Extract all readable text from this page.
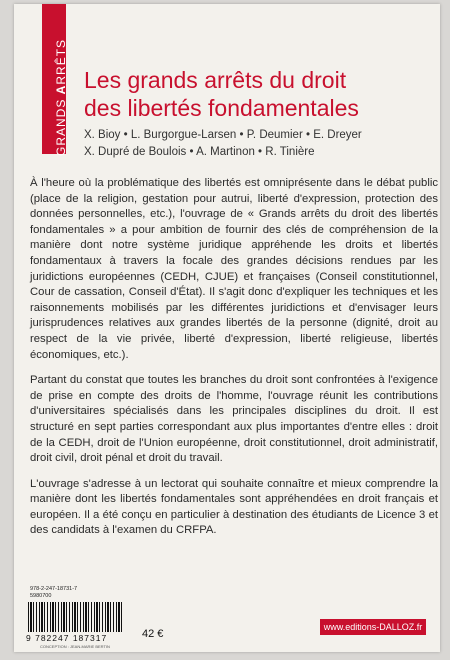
GRANDS ARRÊTS Les grands arrêts du droit
des libertés fondamentales
X. Bioy • L. Burgorgue-Larsen • P. Deumier • E. Dreyer
X. Dupré de Boulois • A. Martinon • R. Tinière

À l'heure où la problématique des libertés est omniprésente dans le débat public (place de la religion, gestation pour autrui, liberté d'expression, protection des données personnelles, etc.), l'ouvrage de « Grands arrêts du droit des libertés fondamentales » a pour ambition de fournir des clés de compréhension de la manière dont notre système juridique appréhende les droits et libertés fondamentaux à travers la focale des grandes décisions rendues par les juridictions européennes (CEDH, CJUE) et françaises (Conseil constitutionnel, Cour de cassation, Conseil d'État). Il s'agit donc d'expliquer les techniques et les raisonnements mobilisés par les différentes juridictions et d'envisager leurs jurisprudences relatives aux grandes libertés de la personne (dignité, droit au respect de la vie privée, liberté d'expression, liberté religieuse, libertés économiques, etc.).

Partant du constat que toutes les branches du droit sont confrontées à l'exigence de prise en compte des droits de l'homme, l'ouvrage réunit les contributions d'universitaires spécialisés dans les principales disciplines du droit. Il est structuré en sept parties correspondant aux plus importantes d'entre elles : droit de la CEDH, droit de l'Union européenne, droit constitutionnel, droit administratif, droit civil, droit pénal et droit du travail.

L'ouvrage s'adresse à un lectorat qui souhaite connaître et mieux comprendre la manière dont les libertés fondamentales sont appréhendées en droit français et européen. Il a été conçu en particulier à destination des étudiants de Licence 3 et des candidats à l'examen du CRFPA.

978-2-247-18731-7
5980700
9 782247 187317
CONCEPTION : JEAN-MARIE BERTIN
42 €
www.editions-DALLOZ.fr
